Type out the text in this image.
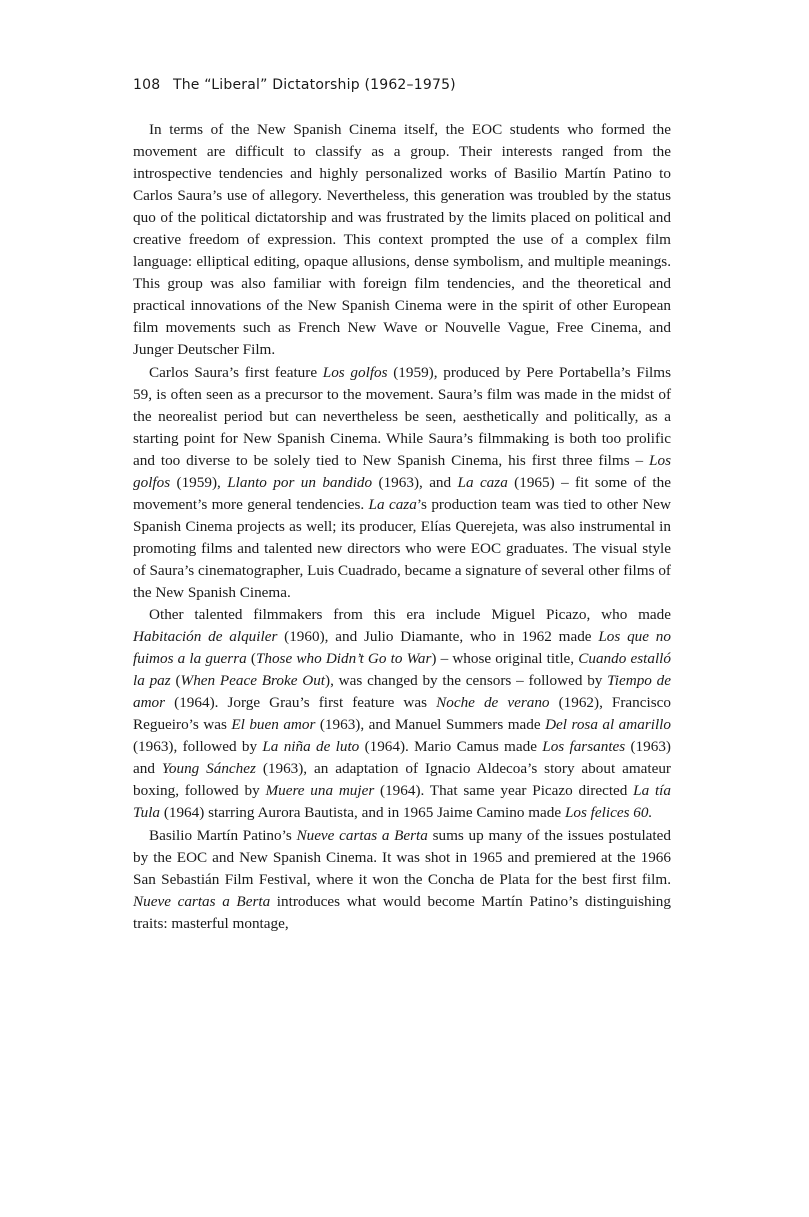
108 The “Liberal” Dictatorship (1962–1975)

In terms of the New Spanish Cinema itself, the EOC students who formed the movement are difficult to classify as a group. Their interests ranged from the introspective tendencies and highly personalized works of Basilio Martín Patino to Carlos Saura’s use of allegory. Nevertheless, this generation was troubled by the status quo of the political dictatorship and was frustrated by the limits placed on political and creative freedom of expression. This context prompted the use of a complex film language: elliptical editing, opaque allusions, dense symbolism, and multiple meanings. This group was also familiar with foreign film tendencies, and the theoretical and practical innovations of the New Spanish Cinema were in the spirit of other European film movements such as French New Wave or Nouvelle Vague, Free Cinema, and Junger Deutscher Film.

Carlos Saura’s first feature Los golfos (1959), produced by Pere Portabella’s Films 59, is often seen as a precursor to the movement. Saura’s film was made in the midst of the neorealist period but can nevertheless be seen, aesthetically and politically, as a starting point for New Spanish Cinema. While Saura’s filmmaking is both too prolific and too diverse to be solely tied to New Spanish Cinema, his first three films – Los golfos (1959), Llanto por un bandido (1963), and La caza (1965) – fit some of the movement’s more general tendencies. La caza’s production team was tied to other New Spanish Cinema projects as well; its producer, Elías Querejeta, was also instrumental in promoting films and talented new directors who were EOC graduates. The visual style of Saura’s cinematographer, Luis Cuadrado, became a signature of several other films of the New Spanish Cinema.

Other talented filmmakers from this era include Miguel Picazo, who made Habitación de alquiler (1960), and Julio Diamante, who in 1962 made Los que no fuimos a la guerra (Those who Didn’t Go to War) – whose original title, Cuando estalló la paz (When Peace Broke Out), was changed by the censors – followed by Tiempo de amor (1964). Jorge Grau’s first feature was Noche de verano (1962), Francisco Regueiro’s was El buen amor (1963), and Manuel Summers made Del rosa al amarillo (1963), followed by La niña de luto (1964). Mario Camus made Los farsantes (1963) and Young Sánchez (1963), an adaptation of Ignacio Aldecoa’s story about amateur boxing, followed by Muere una mujer (1964). That same year Picazo directed La tía Tula (1964) starring Aurora Bautista, and in 1965 Jaime Camino made Los felices 60.

Basilio Martín Patino’s Nueve cartas a Berta sums up many of the issues postulated by the EOC and New Spanish Cinema. It was shot in 1965 and premiered at the 1966 San Sebastián Film Festival, where it won the Concha de Plata for the best first film. Nueve cartas a Berta introduces what would become Martín Patino’s distinguishing traits: masterful montage,
